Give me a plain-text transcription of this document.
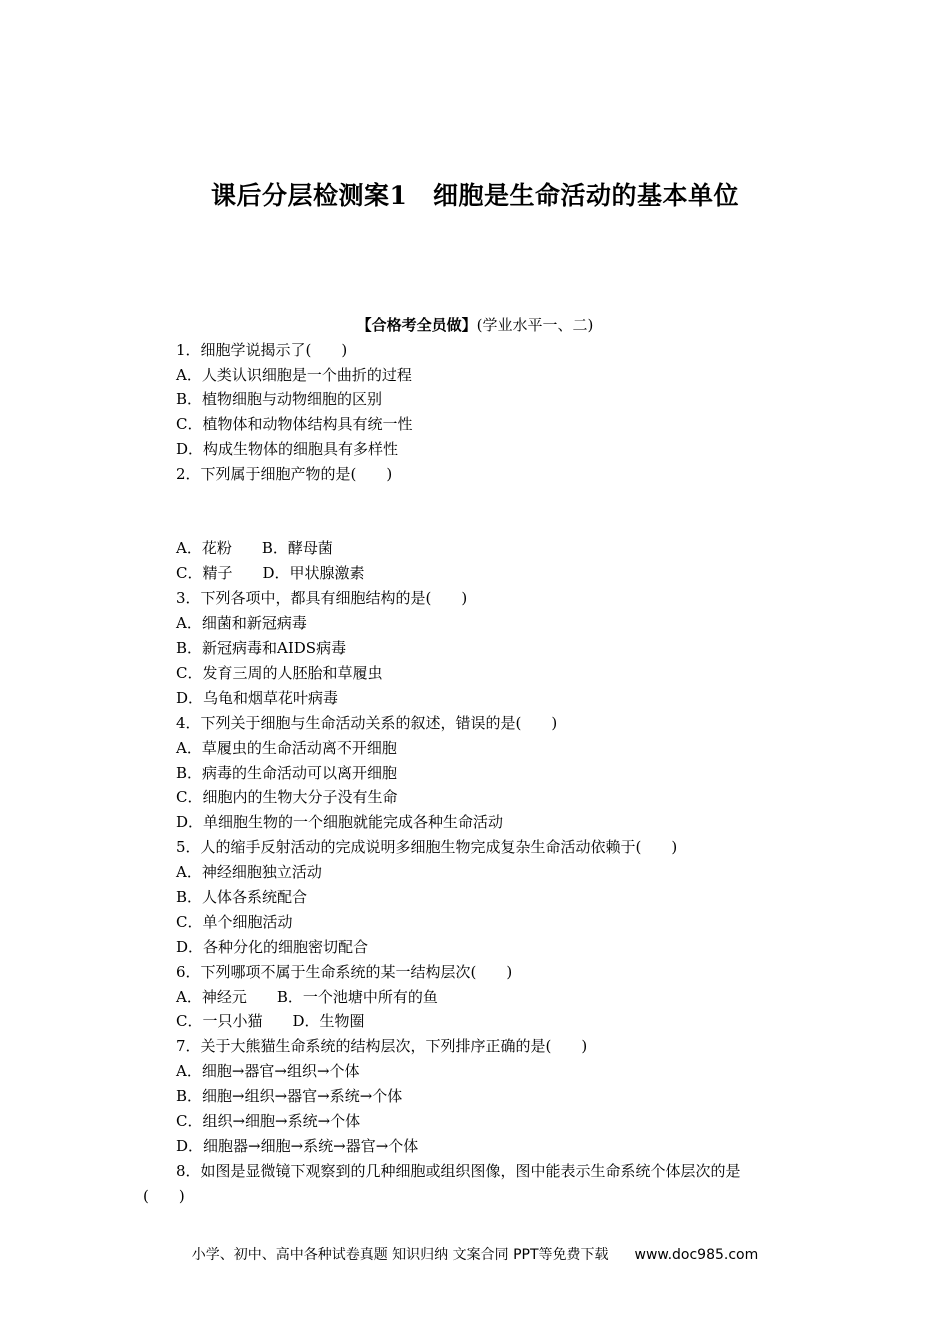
课后分层检测案1　细胞是生命活动的基本单位
【合格考全员做】(学业水平一、二)
1．细胞学说揭示了(　　)
A．人类认识细胞是一个曲折的过程
B．植物细胞与动物细胞的区别
C．植物体和动物体结构具有统一性
D．构成生物体的细胞具有多样性
2．下列属于细胞产物的是(　　)
A．花粉 B．酵母菌
C．精子 D．甲状腺激素
3．下列各项中，都具有细胞结构的是(　　)
A．细菌和新冠病毒
B．新冠病毒和AIDS病毒
C．发育三周的人胚胎和草履虫
D．乌龟和烟草花叶病毒
4．下列关于细胞与生命活动关系的叙述，错误的是(　　)
A．草履虫的生命活动离不开细胞
B．病毒的生命活动可以离开细胞
C．细胞内的生物大分子没有生命
D．单细胞生物的一个细胞就能完成各种生命活动
5．人的缩手反射活动的完成说明多细胞生物完成复杂生命活动依赖于(　　)
A．神经细胞独立活动
B．人体各系统配合
C．单个细胞活动
D．各种分化的细胞密切配合
6．下列哪项不属于生命系统的某一结构层次(　　)
A．神经元 B．一个池塘中所有的鱼
C．一只小猫 D．生物圈
7．关于大熊猫生命系统的结构层次，下列排序正确的是(　　)
A．细胞→器官→组织→个体
B．细胞→组织→器官→系统→个体
C．组织→细胞→系统→个体
D．细胞器→细胞→系统→器官→个体
8．如图是显微镜下观察到的几种细胞或组织图像，图中能表示生命系统个体层次的是
(　　)
小学、初中、高中各种试卷真题 知识归纳 文案合同 PPT等免费下载 www.doc985.com
